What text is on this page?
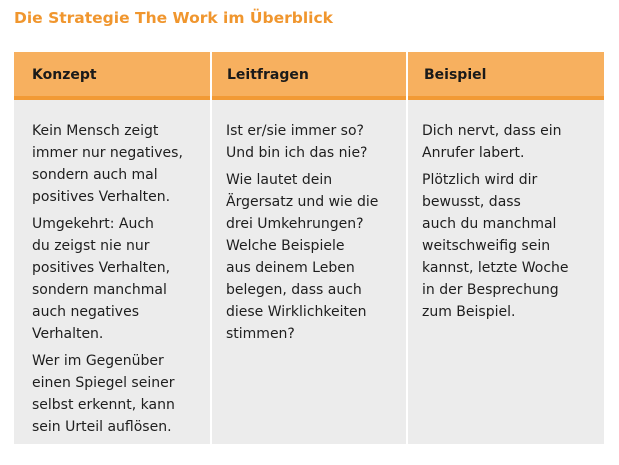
Die Strategie The Work im Überblick
Konzept	Leitfragen	Beispiel

Kein Mensch zeigt
immer nur negatives,
sondern auch mal
positives Verhalten.

Umgekehrt: Auch
du zeigst nie nur
positives Verhalten,
sondern manchmal
auch negatives
Verhalten.

Wer im Gegenüber
einen Spiegel seiner
selbst erkennt, kann
sein Urteil auflösen.

Ist er/sie immer so?
Und bin ich das nie?

Wie lautet dein
Ärgersatz und wie die
drei Umkehrungen?
Welche Beispiele
aus deinem Leben
belegen, dass auch
diese Wirklichkeiten
stimmen?

Dich nervt, dass ein
Anrufer labert.

Plötzlich wird dir
bewusst, dass
auch du manchmal
weitschweifig sein
kannst, letzte Woche
in der Besprechung
zum Beispiel.
